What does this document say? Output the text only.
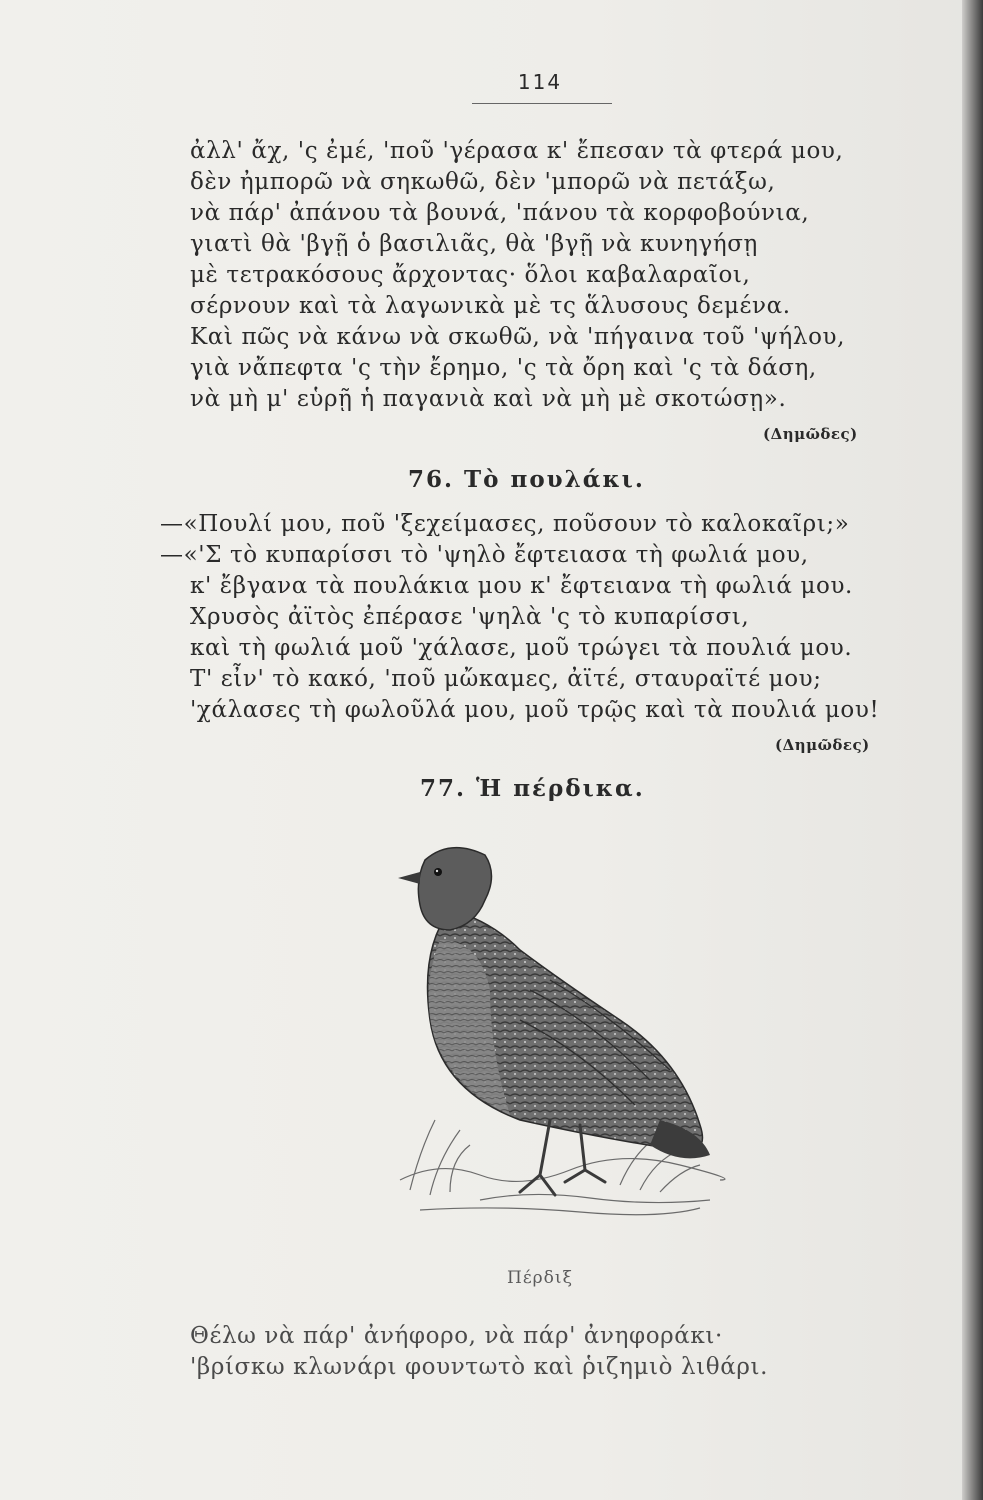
114
ἀλλ' ἄχ, 'ς ἐμέ, 'ποῦ 'γέρασα κ' ἔπεσαν τὰ φτερά μου,
δὲν ἠμπορῶ νὰ σηκωθῶ, δὲν 'μπορῶ νὰ πετάξω,
νὰ πάρ' ἀπάνου τὰ βουνά, 'πάνου τὰ κορφοβούνια,
γιατὶ θὰ 'βγῇ ὁ βασιλιᾶς, θὰ 'βγῇ νὰ κυνηγήσῃ
μὲ τετρακόσους ἄρχοντας· ὅλοι καβαλαραῖοι,
σέρνουν καὶ τὰ λαγωνικὰ μὲ τς ἅλυσους δεμένα.
Καὶ πῶς νὰ κάνω νὰ σκωθῶ, νὰ 'πήγαινα τοῦ 'ψήλου,
γιὰ νἄπεφτα 'ς τὴν ἔρημο, 'ς τὰ ὄρη καὶ 'ς τὰ δάση,
νὰ μὴ μ' εὑρῇ ἡ παγανιὰ καὶ νὰ μὴ μὲ σκοτώσῃ».
(Δημῶδες)
76. Τὸ πουλάκι.
—«Πουλί μου, ποῦ 'ξεχείμασες, ποῦσουν τὸ καλοκαῖρι;»
—«'Σ τὸ κυπαρίσσι τὸ 'ψηλὸ ἔφτειασα τὴ φωλιά μου,
κ' ἔβγανα τὰ πουλάκια μου κ' ἔφτειανα τὴ φωλιά μου.
Χρυσὸς ἀϊτὸς ἐπέρασε 'ψηλὰ 'ς τὸ κυπαρίσσι,
καὶ τὴ φωλιά μοῦ 'χάλασε, μοῦ τρώγει τὰ πουλιά μου.
Τ' εἶν' τὸ κακό, 'ποῦ μὤκαμες, ἀϊτέ, σταυραϊτέ μου;
'χάλασες τὴ φωλοῦλά μου, μοῦ τρῷς καὶ τὰ πουλιά μου!
(Δημῶδες)
77. Ἡ πέρδικα.
Πέρδιξ
Θέλω νὰ πάρ' ἀνήφορο, νὰ πάρ' ἀνηφοράκι·
'βρίσκω κλωνάρι φουντωτὸ καὶ ῥιζημιὸ λιθάρι.
